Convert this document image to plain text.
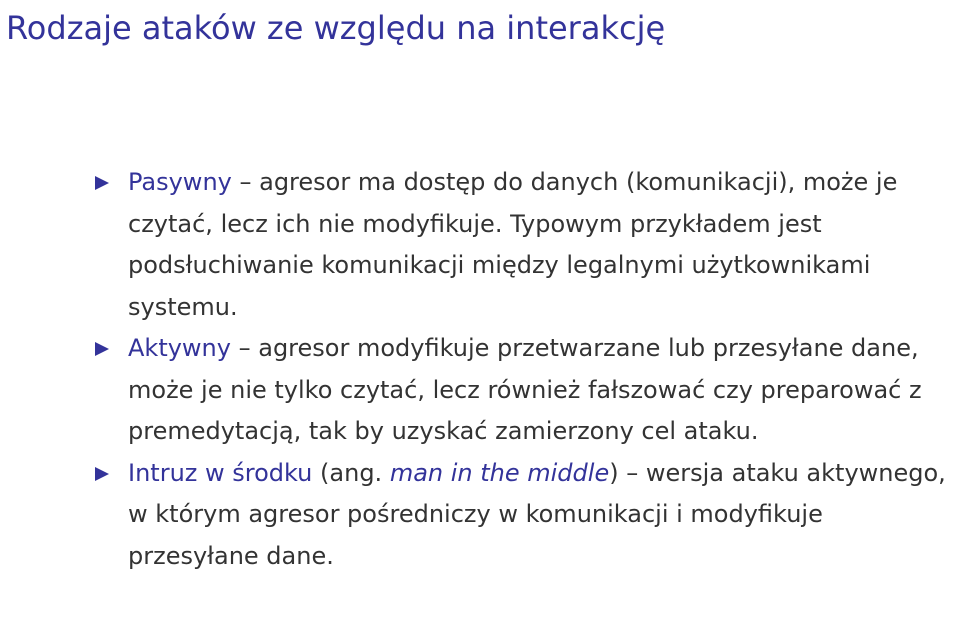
Rodzaje ataków ze względu na interakcję
Pasywny – agresor ma dostęp do danych (komunikacji), może je czytać, lecz ich nie modyfikuje. Typowym przykładem jest podsłuchiwanie komunikacji między legalnymi użytkownikami systemu.
Aktywny – agresor modyfikuje przetwarzane lub przesyłane dane, może je nie tylko czytać, lecz również fałszować czy preparować z premedytacją, tak by uzyskać zamierzony cel ataku.
Intruz w środku (ang. man in the middle) – wersja ataku aktywnego, w którym agresor pośredniczy w komunikacji i modyfikuje przesyłane dane.
